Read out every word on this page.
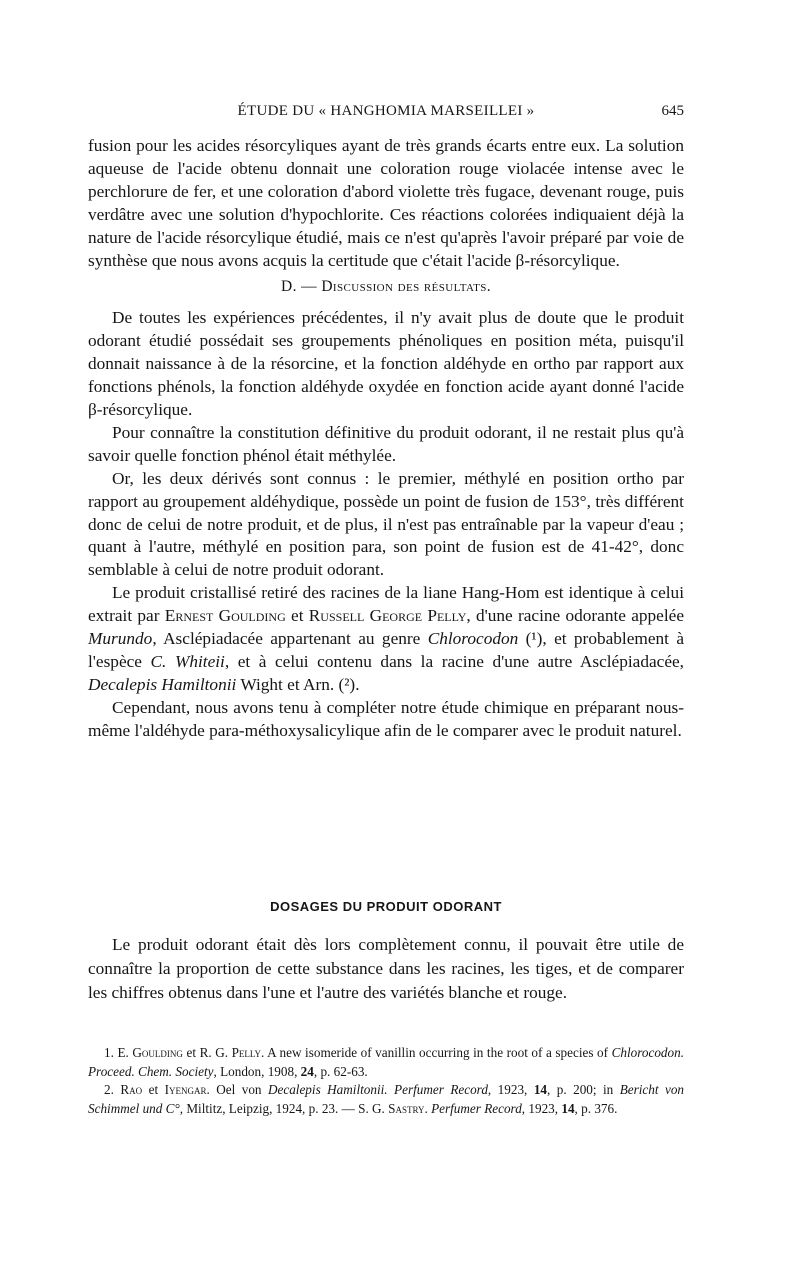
ÉTUDE DU « HANGHOMIA MARSEILLEI »	645

fusion pour les acides résorcyliques ayant de très grands écarts entre eux. La solution aqueuse de l'acide obtenu donnait une coloration rouge violacée intense avec le perchlorure de fer, et une coloration d'abord violette très fugace, devenant rouge, puis verdâtre avec une solution d'hypochlorite. Ces réactions colorées indiquaient déjà la nature de l'acide résorcylique étudié, mais ce n'est qu'après l'avoir préparé par voie de synthèse que nous avons acquis la certitude que c'était l'acide β-résorcylique.

D. — Discussion des résultats.

De toutes les expériences précédentes, il n'y avait plus de doute que le produit odorant étudié possédait ses groupements phénoliques en position méta, puisqu'il donnait naissance à de la résorcine, et la fonction aldéhyde en ortho par rapport aux fonctions phénols, la fonction aldéhyde oxydée en fonction acide ayant donné l'acide β-résorcylique.

Pour connaître la constitution définitive du produit odorant, il ne restait plus qu'à savoir quelle fonction phénol était méthylée.

Or, les deux dérivés sont connus : le premier, méthylé en position ortho par rapport au groupement aldéhydique, possède un point de fusion de 153°, très différent donc de celui de notre produit, et de plus, il n'est pas entraînable par la vapeur d'eau ; quant à l'autre, méthylé en position para, son point de fusion est de 41-42°, donc semblable à celui de notre produit odorant.

Le produit cristallisé retiré des racines de la liane Hang-Hom est identique à celui extrait par Ernest Goulding et Russell George Pelly, d'une racine odorante appelée Murundo, Asclépiadacée appartenant au genre Chlorocodon (¹), et probablement à l'espèce C. Whiteii, et à celui contenu dans la racine d'une autre Asclépiadacée, Decalepis Hamiltonii Wight et Arn. (²).

Cependant, nous avons tenu à compléter notre étude chimique en préparant nous-même l'aldéhyde para-méthoxysalicylique afin de le comparer avec le produit naturel.

DOSAGES DU PRODUIT ODORANT

Le produit odorant était dès lors complètement connu, il pouvait être utile de connaître la proportion de cette substance dans les racines, les tiges, et de comparer les chiffres obtenus dans l'une et l'autre des variétés blanche et rouge.

1. E. Goulding et R. G. Pelly. A new isomeride of vanillin occurring in the root of a species of Chlorocodon. Proceed. Chem. Society, London, 1908, 24, p. 62-63.

2. Rao et Iyengar. Oel von Decalepis Hamiltonii. Perfumer Record, 1923, 14, p. 200; in Bericht von Schimmel und C°, Miltitz, Leipzig, 1924, p. 23. — S. G. Sastry. Perfumer Record, 1923, 14, p. 376.
